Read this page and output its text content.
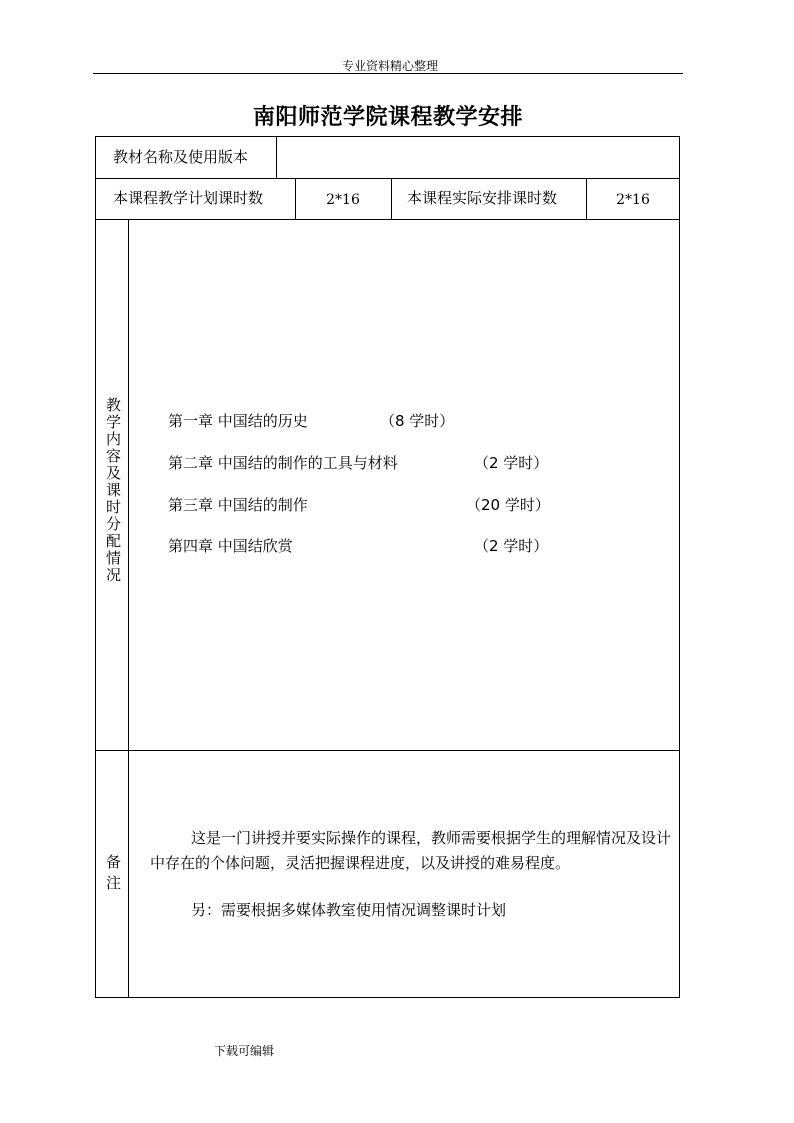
专业资料精心整理
南阳师范学院课程教学安排
教材名称及使用版本
本课程教学计划课时数	2*16	本课程实际安排课时数	2*16
教学内容及课时分配情况	第一章 中国结的历史	（8 学时）
第二章 中国结的制作的工具与材料	（2 学时）
第三章 中国结的制作	（20 学时）
第四章 中国结欣赏	（2 学时）
备注
这是一门讲授并要实际操作的课程，教师需要根据学生的理解情况及设计中存在的个体问题，灵活把握课程进度，以及讲授的难易程度。
另：需要根据多媒体教室使用情况调整课时计划
下载可编辑
